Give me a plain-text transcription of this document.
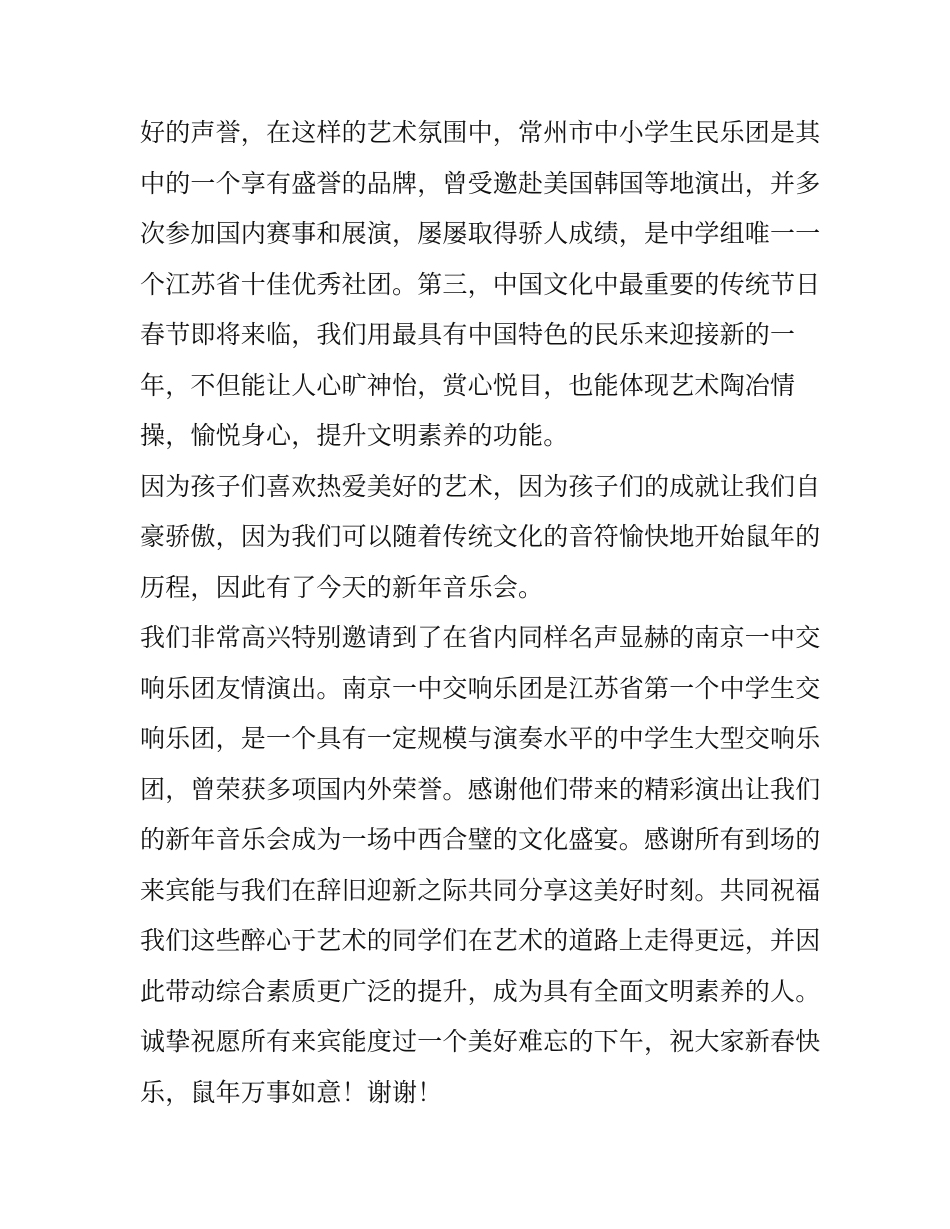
好的声誉，在这样的艺术氛围中，常州市中小学生民乐团是其
中的一个享有盛誉的品牌，曾受邀赴美国韩国等地演出，并多
次参加国内赛事和展演，屡屡取得骄人成绩，是中学组唯一一
个江苏省十佳优秀社团。第三，中国文化中最重要的传统节日
春节即将来临，我们用最具有中国特色的民乐来迎接新的一
年，不但能让人心旷神怡，赏心悦目，也能体现艺术陶冶情
操，愉悦身心，提升文明素养的功能。
因为孩子们喜欢热爱美好的艺术，因为孩子们的成就让我们自
豪骄傲，因为我们可以随着传统文化的音符愉快地开始鼠年的
历程，因此有了今天的新年音乐会。
我们非常高兴特别邀请到了在省内同样名声显赫的南京一中交
响乐团友情演出。南京一中交响乐团是江苏省第一个中学生交
响乐团，是一个具有一定规模与演奏水平的中学生大型交响乐
团，曾荣获多项国内外荣誉。感谢他们带来的精彩演出让我们
的新年音乐会成为一场中西合璧的文化盛宴。感谢所有到场的
来宾能与我们在辞旧迎新之际共同分享这美好时刻。共同祝福
我们这些醉心于艺术的同学们在艺术的道路上走得更远，并因
此带动综合素质更广泛的提升，成为具有全面文明素养的人。
诚挚祝愿所有来宾能度过一个美好难忘的下午，祝大家新春快
乐，鼠年万事如意！谢谢！
